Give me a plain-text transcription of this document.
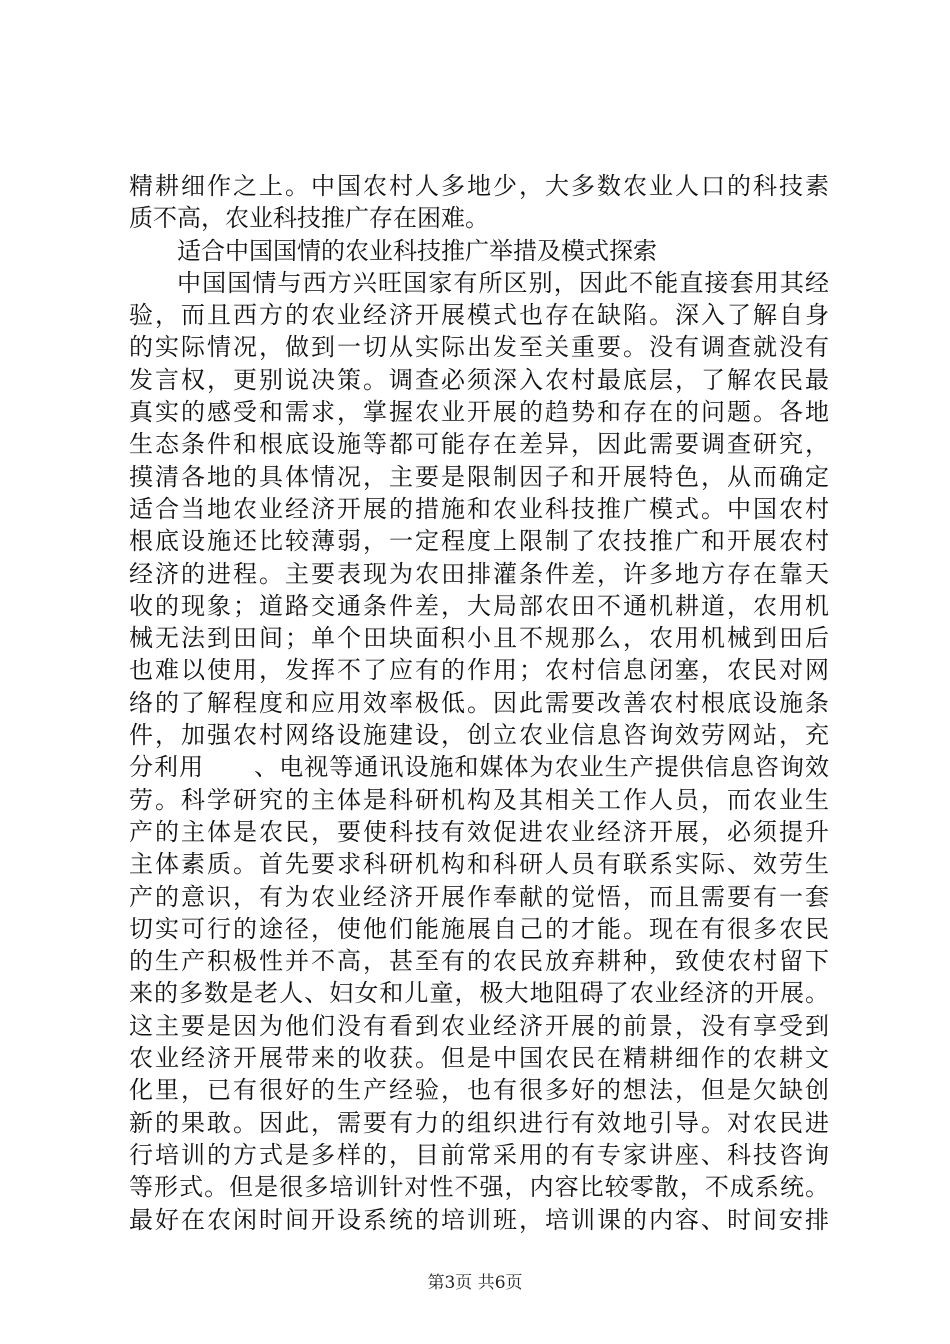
精耕细作之上。中国农村人多地少，大多数农业人口的科技素
质不高，农业科技推广存在困难。
适合中国国情的农业科技推广举措及模式探索
中国国情与西方兴旺国家有所区别，因此不能直接套用其经
验，而且西方的农业经济开展模式也存在缺陷。深入了解自身
的实际情况，做到一切从实际出发至关重要。没有调查就没有
发言权，更别说决策。调查必须深入农村最底层，了解农民最
真实的感受和需求，掌握农业开展的趋势和存在的问题。各地
生态条件和根底设施等都可能存在差异，因此需要调查研究，
摸清各地的具体情况，主要是限制因子和开展特色，从而确定
适合当地农业经济开展的措施和农业科技推广模式。中国农村
根底设施还比较薄弱，一定程度上限制了农技推广和开展农村
经济的进程。主要表现为农田排灌条件差，许多地方存在靠天
收的现象；道路交通条件差，大局部农田不通机耕道，农用机
械无法到田间；单个田块面积小且不规那么，农用机械到田后
也难以使用，发挥不了应有的作用；农村信息闭塞，农民对网
络的了解程度和应用效率极低。因此需要改善农村根底设施条
件，加强农村网络设施建设，创立农业信息咨询效劳网站，充
分利用　　、电视等通讯设施和媒体为农业生产提供信息咨询效
劳。科学研究的主体是科研机构及其相关工作人员，而农业生
产的主体是农民，要使科技有效促进农业经济开展，必须提升
主体素质。首先要求科研机构和科研人员有联系实际、效劳生
产的意识，有为农业经济开展作奉献的觉悟，而且需要有一套
切实可行的途径，使他们能施展自己的才能。现在有很多农民
的生产积极性并不高，甚至有的农民放弃耕种，致使农村留下
来的多数是老人、妇女和儿童，极大地阻碍了农业经济的开展。
这主要是因为他们没有看到农业经济开展的前景，没有享受到
农业经济开展带来的收获。但是中国农民在精耕细作的农耕文
化里，已有很好的生产经验，也有很多好的想法，但是欠缺创
新的果敢。因此，需要有力的组织进行有效地引导。对农民进
行培训的方式是多样的，目前常采用的有专家讲座、科技咨询
等形式。但是很多培训针对性不强，内容比较零散，不成系统。
最好在农闲时间开设系统的培训班，培训课的内容、时间安排
第3页 共6页
